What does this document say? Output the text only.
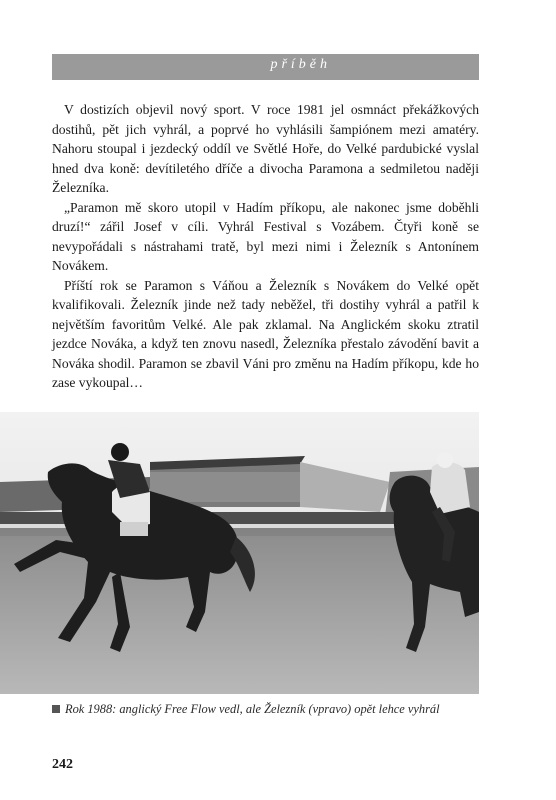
příběh

V dostizích objevil nový sport. V roce 1981 jel osmnáct překážkových dostihů, pět jich vyhrál, a poprvé ho vyhlásili šampiónem mezi amatéry. Nahoru stoupal i jezdecký oddíl ve Světlé Hoře, do Velké pardubické vyslal hned dva koně: devítiletého dříče a divocha Paramona a sedmiletou naději Železníka.

„Paramon mě skoro utopil v Hadím příkopu, ale nakonec jsme doběhli druzí!“ zářil Josef v cíli. Vyhrál Festival s Vozábem. Čtyři koně se nevypořádali s nástrahami tratě, byl mezi nimi i Železník s Antonínem Novákem.

Příští rok se Paramon s Váňou a Železník s Novákem do Velké opět kvalifikovali. Železník jinde než tady neběžel, tři dostihy vyhrál a patřil k největším favoritům Velké. Ale pak zklamal. Na Anglickém skoku ztratil jezdce Nováka, a když ten znovu nasedl, Železníka přestalo závodění bavit a Nováka shodil. Paramon se zbavil Váni pro změnu na Hadím příkopu, kde ho zase vykoupal…

Rok 1988: anglický Free Flow vedl, ale Železník (vpravo) opět lehce vyhrál
242
